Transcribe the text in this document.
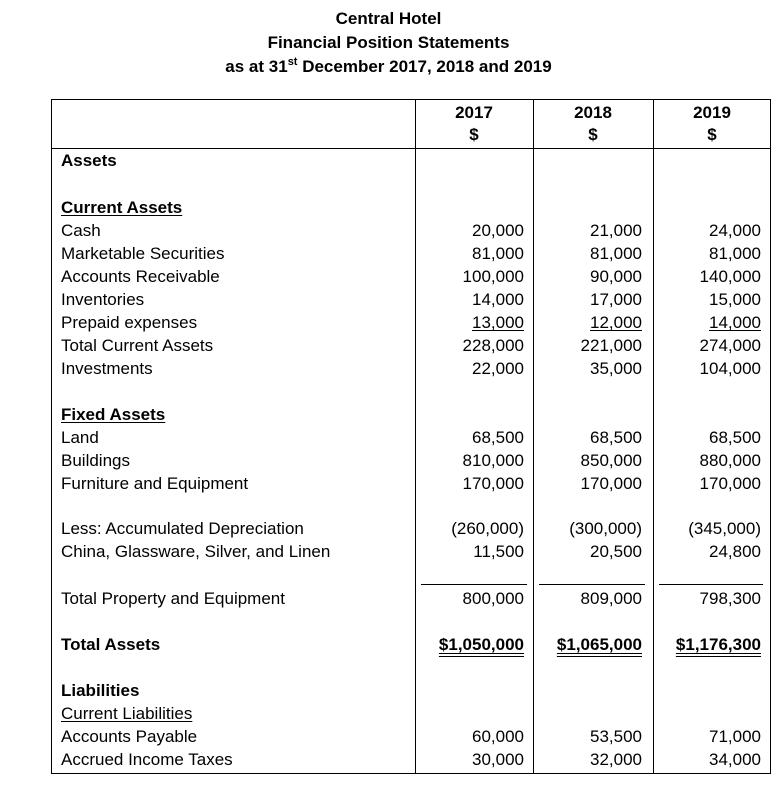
Central Hotel
Financial Position Statements
as at 31st December 2017, 2018 and 2019
2017
$
2018
$
2019
$
Assets
Current Assets
Cash
Marketable Securities
Accounts Receivable
Inventories
Prepaid expenses
Total Current Assets
Investments
Fixed Assets
Land
Buildings
Furniture and Equipment
Less: Accumulated Depreciation
China, Glassware, Silver, and Linen
Total Property and Equipment
Total Assets
Liabilities
Current Liabilities
Accounts Payable
Accrued Income Taxes
20,000
81,000
100,000
14,000
13,000
228,000
22,000
68,500
810,000
170,000
(260,000)
11,500
800,000
$1,050,000
60,000
30,000
21,000
81,000
90,000
17,000
12,000
221,000
35,000
68,500
850,000
170,000
(300,000)
20,500
809,000
$1,065,000
53,500
32,000
24,000
81,000
140,000
15,000
14,000
274,000
104,000
68,500
880,000
170,000
(345,000)
24,800
798,300
$1,176,300
71,000
34,000
